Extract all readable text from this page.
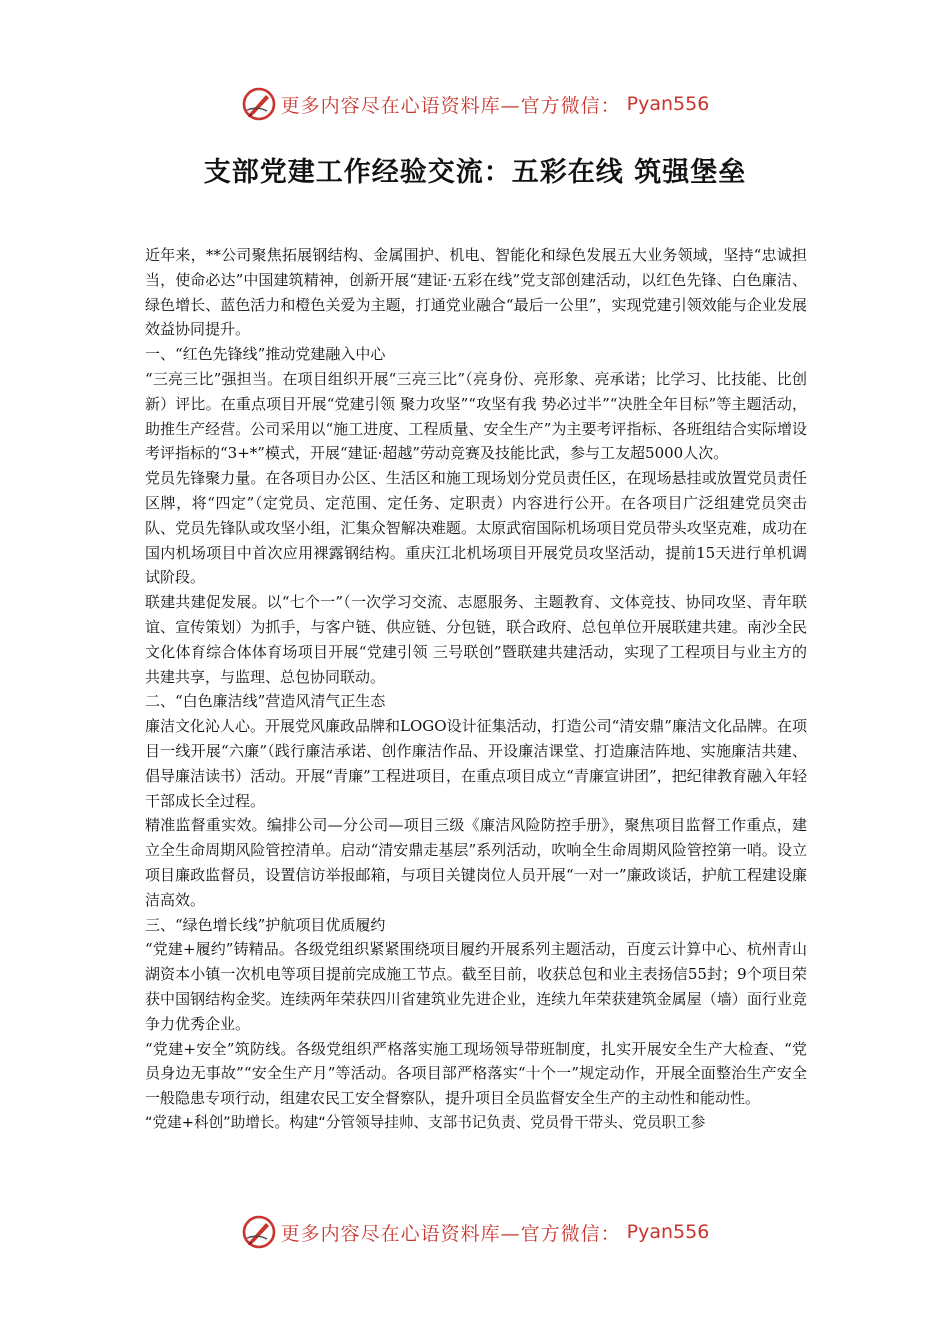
更多内容尽在心语资料库—官方微信： Pyan556
支部党建工作经验交流：五彩在线 筑强堡垒

近年来，**公司聚焦拓展钢结构、金属围护、机电、智能化和绿色发展五大业务领域，坚持“忠诚担当，使命必达”中国建筑精神，创新开展“建证·五彩在线”党支部创建活动，以红色先锋、白色廉洁、绿色增长、蓝色活力和橙色关爱为主题，打通党业融合“最后一公里”，实现党建引领效能与企业发展效益协同提升。

一、“红色先锋线”推动党建融入中心

“三亮三比”强担当。在项目组织开展“三亮三比”（亮身份、亮形象、亮承诺；比学习、比技能、比创新）评比。在重点项目开展“党建引领 聚力攻坚”“攻坚有我 势必过半”“决胜全年目标”等主题活动，助推生产经营。公司采用以“施工进度、工程质量、安全生产”为主要考评指标、各班组结合实际增设考评指标的“3+*”模式，开展“建证·超越”劳动竞赛及技能比武，参与工友超5000人次。

党员先锋聚力量。在各项目办公区、生活区和施工现场划分党员责任区，在现场悬挂或放置党员责任区牌，将“四定”（定党员、定范围、定任务、定职责）内容进行公开。在各项目广泛组建党员突击队、党员先锋队或攻坚小组，汇集众智解决难题。太原武宿国际机场项目党员带头攻坚克难，成功在国内机场项目中首次应用裸露钢结构。重庆江北机场项目开展党员攻坚活动，提前15天进行单机调试阶段。

联建共建促发展。以“七个一”（一次学习交流、志愿服务、主题教育、文体竞技、协同攻坚、青年联谊、宣传策划）为抓手，与客户链、供应链、分包链，联合政府、总包单位开展联建共建。南沙全民文化体育综合体体育场项目开展“党建引领 三号联创”暨联建共建活动，实现了工程项目与业主方的共建共享，与监理、总包协同联动。

二、“白色廉洁线”营造风清气正生态

廉洁文化沁人心。开展党风廉政品牌和LOGO设计征集活动，打造公司“清安鼎”廉洁文化品牌。在项目一线开展“六廉”（践行廉洁承诺、创作廉洁作品、开设廉洁课堂、打造廉洁阵地、实施廉洁共建、倡导廉洁读书）活动。开展“青廉”工程进项目，在重点项目成立“青廉宣讲团”，把纪律教育融入年轻干部成长全过程。

精准监督重实效。编排公司—分公司—项目三级《廉洁风险防控手册》，聚焦项目监督工作重点，建立全生命周期风险管控清单。启动“清安鼎走基层”系列活动，吹响全生命周期风险管控第一哨。设立项目廉政监督员，设置信访举报邮箱，与项目关键岗位人员开展“一对一”廉政谈话，护航工程建设廉洁高效。

三、“绿色增长线”护航项目优质履约

“党建+履约”铸精品。各级党组织紧紧围绕项目履约开展系列主题活动，百度云计算中心、杭州青山湖资本小镇一次机电等项目提前完成施工节点。截至目前，收获总包和业主表扬信55封；9个项目荣获中国钢结构金奖。连续两年荣获四川省建筑业先进企业，连续九年荣获建筑金属屋（墙）面行业竞争力优秀企业。

“党建+安全”筑防线。各级党组织严格落实施工现场领导带班制度，扎实开展安全生产大检查、“党员身边无事故”“安全生产月”等活动。各项目部严格落实“十个一”规定动作，开展全面整治生产安全一般隐患专项行动，组建农民工安全督察队，提升项目全员监督安全生产的主动性和能动性。

“党建+科创”助增长。构建“分管领导挂帅、支部书记负责、党员骨干带头、党员职工参

更多内容尽在心语资料库—官方微信： Pyan556
